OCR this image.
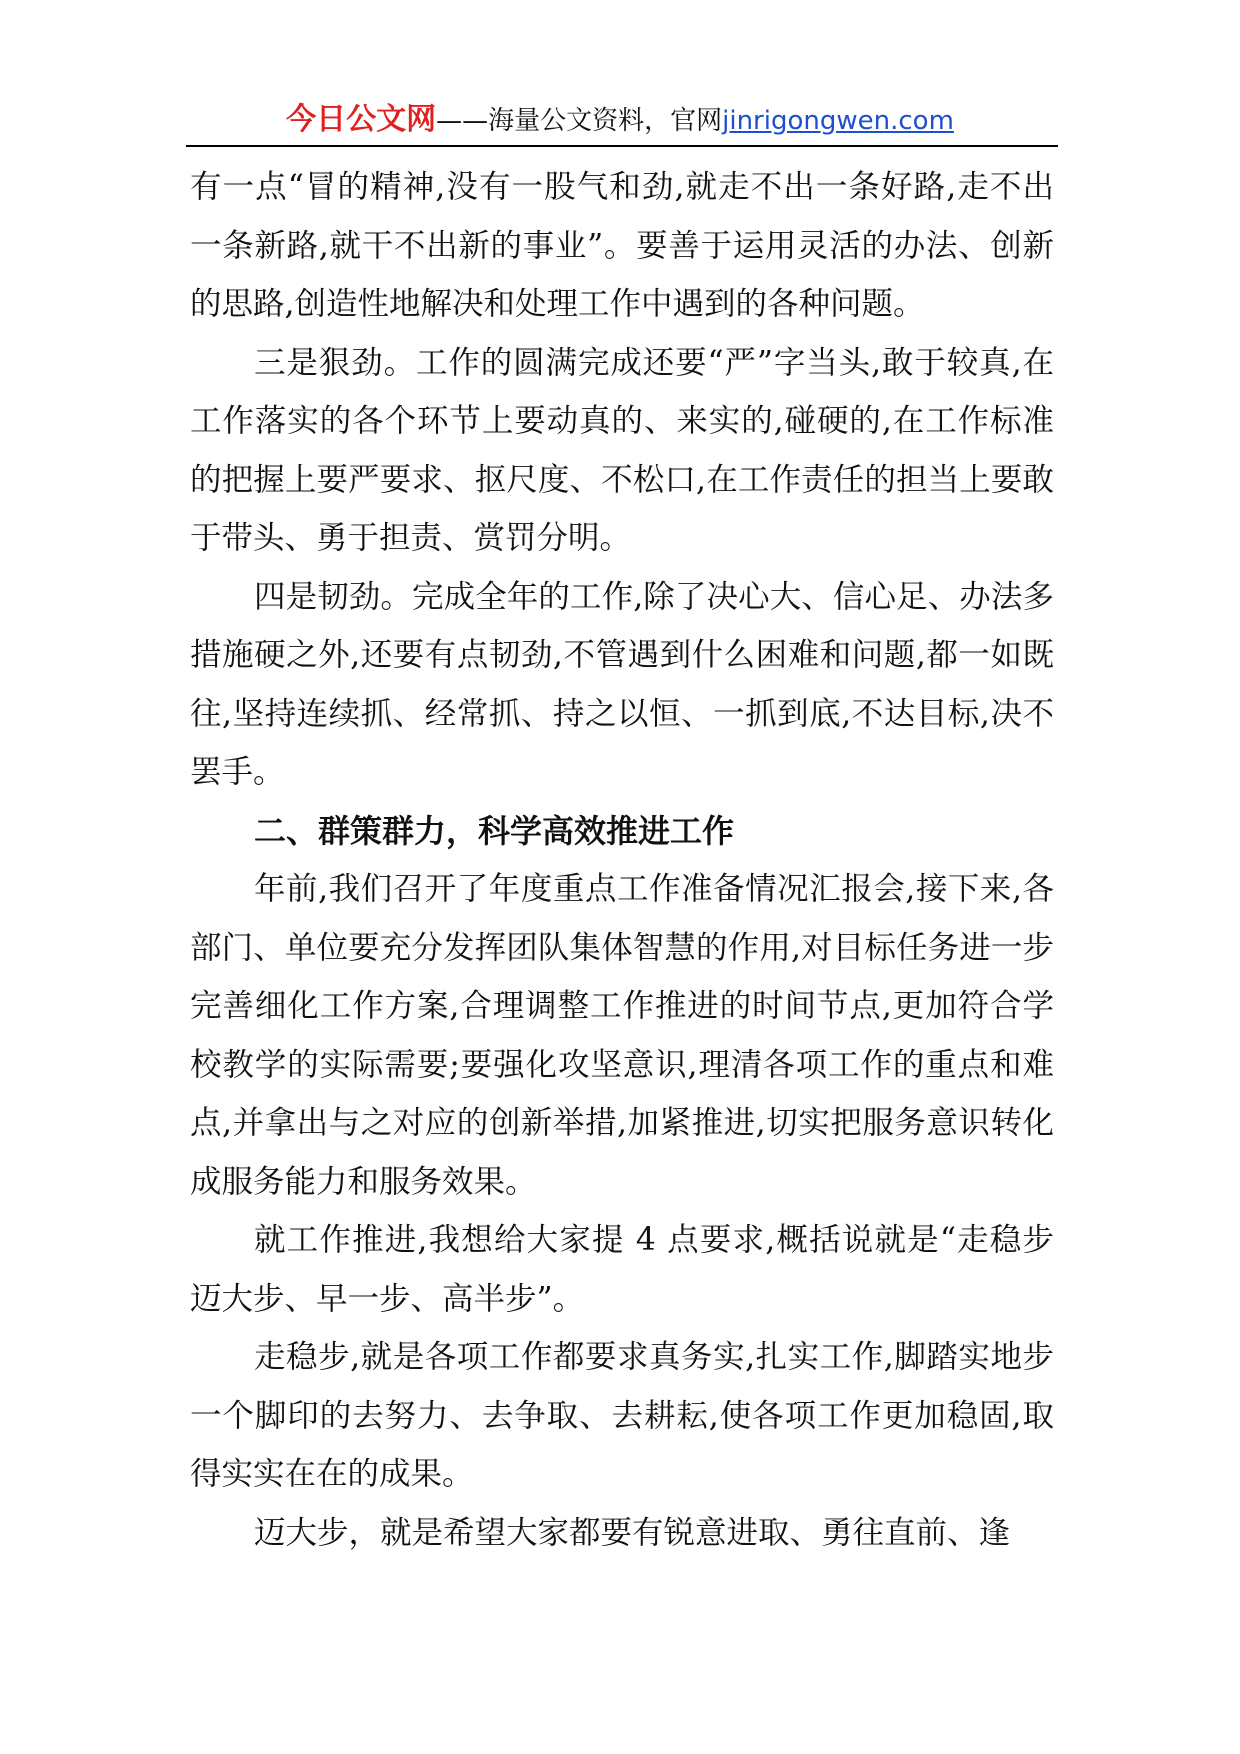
今日公文网——海量公文资料，官网jinrigongwen.com

有一点“冒的精神,没有一股气和劲,就走不出一条好路,走不出一条新路,就干不出新的事业”。要善于运用灵活的办法、创新的思路,创造性地解决和处理工作中遇到的各种问题。

三是狠劲。工作的圆满完成还要“严”字当头,敢于较真,在工作落实的各个环节上要动真的、来实的,碰硬的,在工作标准的把握上要严要求、抠尺度、不松口,在工作责任的担当上要敢于带头、勇于担责、赏罚分明。

四是韧劲。完成全年的工作,除了决心大、信心足、办法多措施硬之外,还要有点韧劲,不管遇到什么困难和问题,都一如既往,坚持连续抓、经常抓、持之以恒、一抓到底,不达目标,决不罢手。

二、群策群力，科学高效推进工作

年前,我们召开了年度重点工作准备情况汇报会,接下来,各部门、单位要充分发挥团队集体智慧的作用,对目标任务进一步完善细化工作方案,合理调整工作推进的时间节点,更加符合学校教学的实际需要;要强化攻坚意识,理清各项工作的重点和难点,并拿出与之对应的创新举措,加紧推进,切实把服务意识转化成服务能力和服务效果。

就工作推进,我想给大家提 4 点要求,概括说就是“走稳步迈大步、早一步、高半步”。

走稳步,就是各项工作都要求真务实,扎实工作,脚踏实地步一个脚印的去努力、去争取、去耕耘,使各项工作更加稳固,取得实实在在的成果。

迈大步，就是希望大家都要有锐意进取、勇往直前、逢
